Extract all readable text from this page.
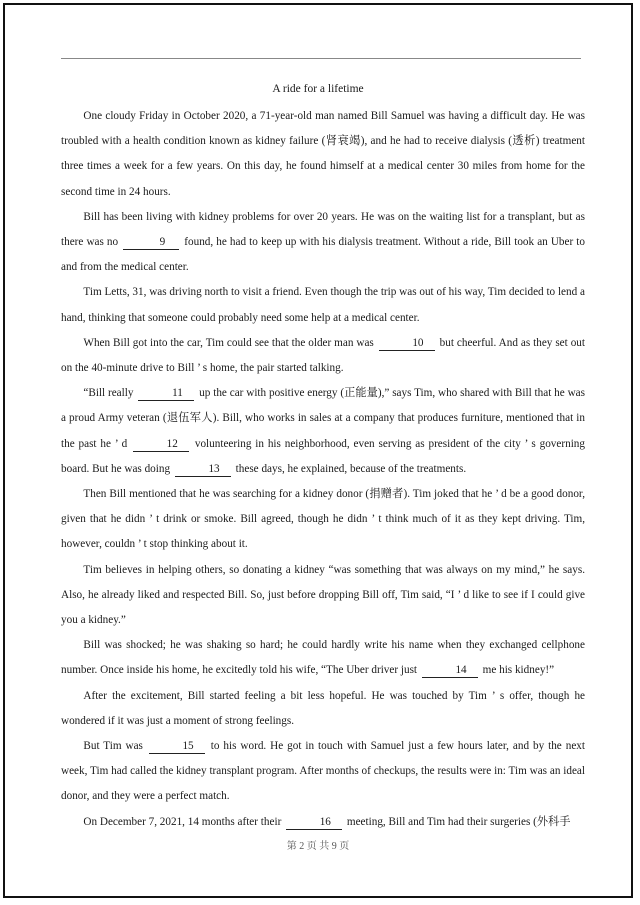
A ride for a lifetime

One cloudy Friday in October 2020, a 71-year-old man named Bill Samuel was having a difficult day. He was troubled with a health condition known as kidney failure (肾衰竭), and he had to receive dialysis (透析) treatment three times a week for a few years. On this day, he found himself at a medical center 30 miles from home for the second time in 24 hours.

Bill has been living with kidney problems for over 20 years. He was on the waiting list for a transplant, but as there was no	9 found, he had to keep up with his dialysis treatment. Without a ride, Bill took an Uber to and from the medical center.

Tim Letts, 31, was driving north to visit a friend. Even though the trip was out of his way, Tim decided to lend a hand, thinking that someone could probably need some help at a medical center.

When Bill got into the car, Tim could see that the older man was	10 but cheerful. And as they set out on the 40-minute drive to Bill ’ s home, the pair started talking.

“Bill really	11 up the car with positive energy (正能量),” says Tim, who shared with Bill that he was a proud Army veteran (退伍军人). Bill, who works in sales at a company that produces furniture, mentioned that in the past he ’ d	12 volunteering in his neighborhood, even serving as president of the city ’ s governing board. But he was doing	13 these days, he explained, because of the treatments.

Then Bill mentioned that he was searching for a kidney donor (捐赠者). Tim joked that he ’ d be a good donor, given that he didn ’ t drink or smoke. Bill agreed, though he didn ’ t think much of it as they kept driving. Tim, however, couldn ’ t stop thinking about it.

Tim believes in helping others, so donating a kidney “was something that was always on my mind,” he says. Also, he already liked and respected Bill. So, just before dropping Bill off, Tim said, “I ’ d like to see if I could give you a kidney.”

Bill was shocked; he was shaking so hard; he could hardly write his name when they exchanged cellphone number. Once inside his home, he excitedly told his wife, “The Uber driver just	14 me his kidney!”

After the excitement, Bill started feeling a bit less hopeful. He was touched by Tim ’ s offer, though he wondered if it was just a moment of strong feelings.

But Tim was	15 to his word. He got in touch with Samuel just a few hours later, and by the next week, Tim had called the kidney transplant program. After months of checkups, the results were in: Tim was an ideal donor, and they were a perfect match.

On December 7, 2021, 14 months after their	16 meeting, Bill and Tim had their surgeries (外科手

第 2 页 共 9 页
